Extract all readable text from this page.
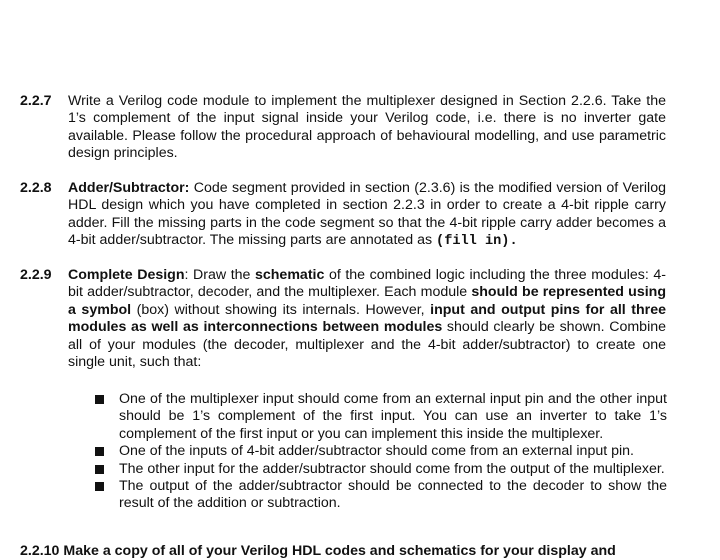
2.2.7	Write a Verilog code module to implement the multiplexer designed in Section 2.2.6. Take the 1’s complement of the input signal inside your Verilog code, i.e. there is no inverter gate available. Please follow the procedural approach of behavioural modelling, and use parametric design principles.
2.2.8	Adder/Subtractor: Code segment provided in section (2.3.6) is the modified version of Verilog HDL design which you have completed in section 2.2.3 in order to create a 4-bit ripple carry adder. Fill the missing parts in the code segment so that the 4-bit ripple carry adder becomes a 4-bit adder/subtractor. The missing parts are annotated as (fill in).
2.2.9	Complete Design: Draw the schematic of the combined logic including the three modules: 4-bit adder/subtractor, decoder, and the multiplexer. Each module should be represented using a symbol (box) without showing its internals. However, input and output pins for all three modules as well as interconnections between modules should clearly be shown. Combine all of your modules (the decoder, multiplexer and the 4-bit adder/subtractor) to create one single unit, such that:
One of the multiplexer input should come from an external input pin and the other input should be 1’s complement of the first input. You can use an inverter to take 1’s complement of the first input or you can implement this inside the multiplexer.
One of the inputs of 4-bit adder/subtractor should come from an external input pin.
The other input for the adder/subtractor should come from the output of the multiplexer.
The output of the adder/subtractor should be connected to the decoder to show the result of the addition or subtraction.
2.2.10 Make a copy of all of your Verilog HDL codes and schematics for your display and
